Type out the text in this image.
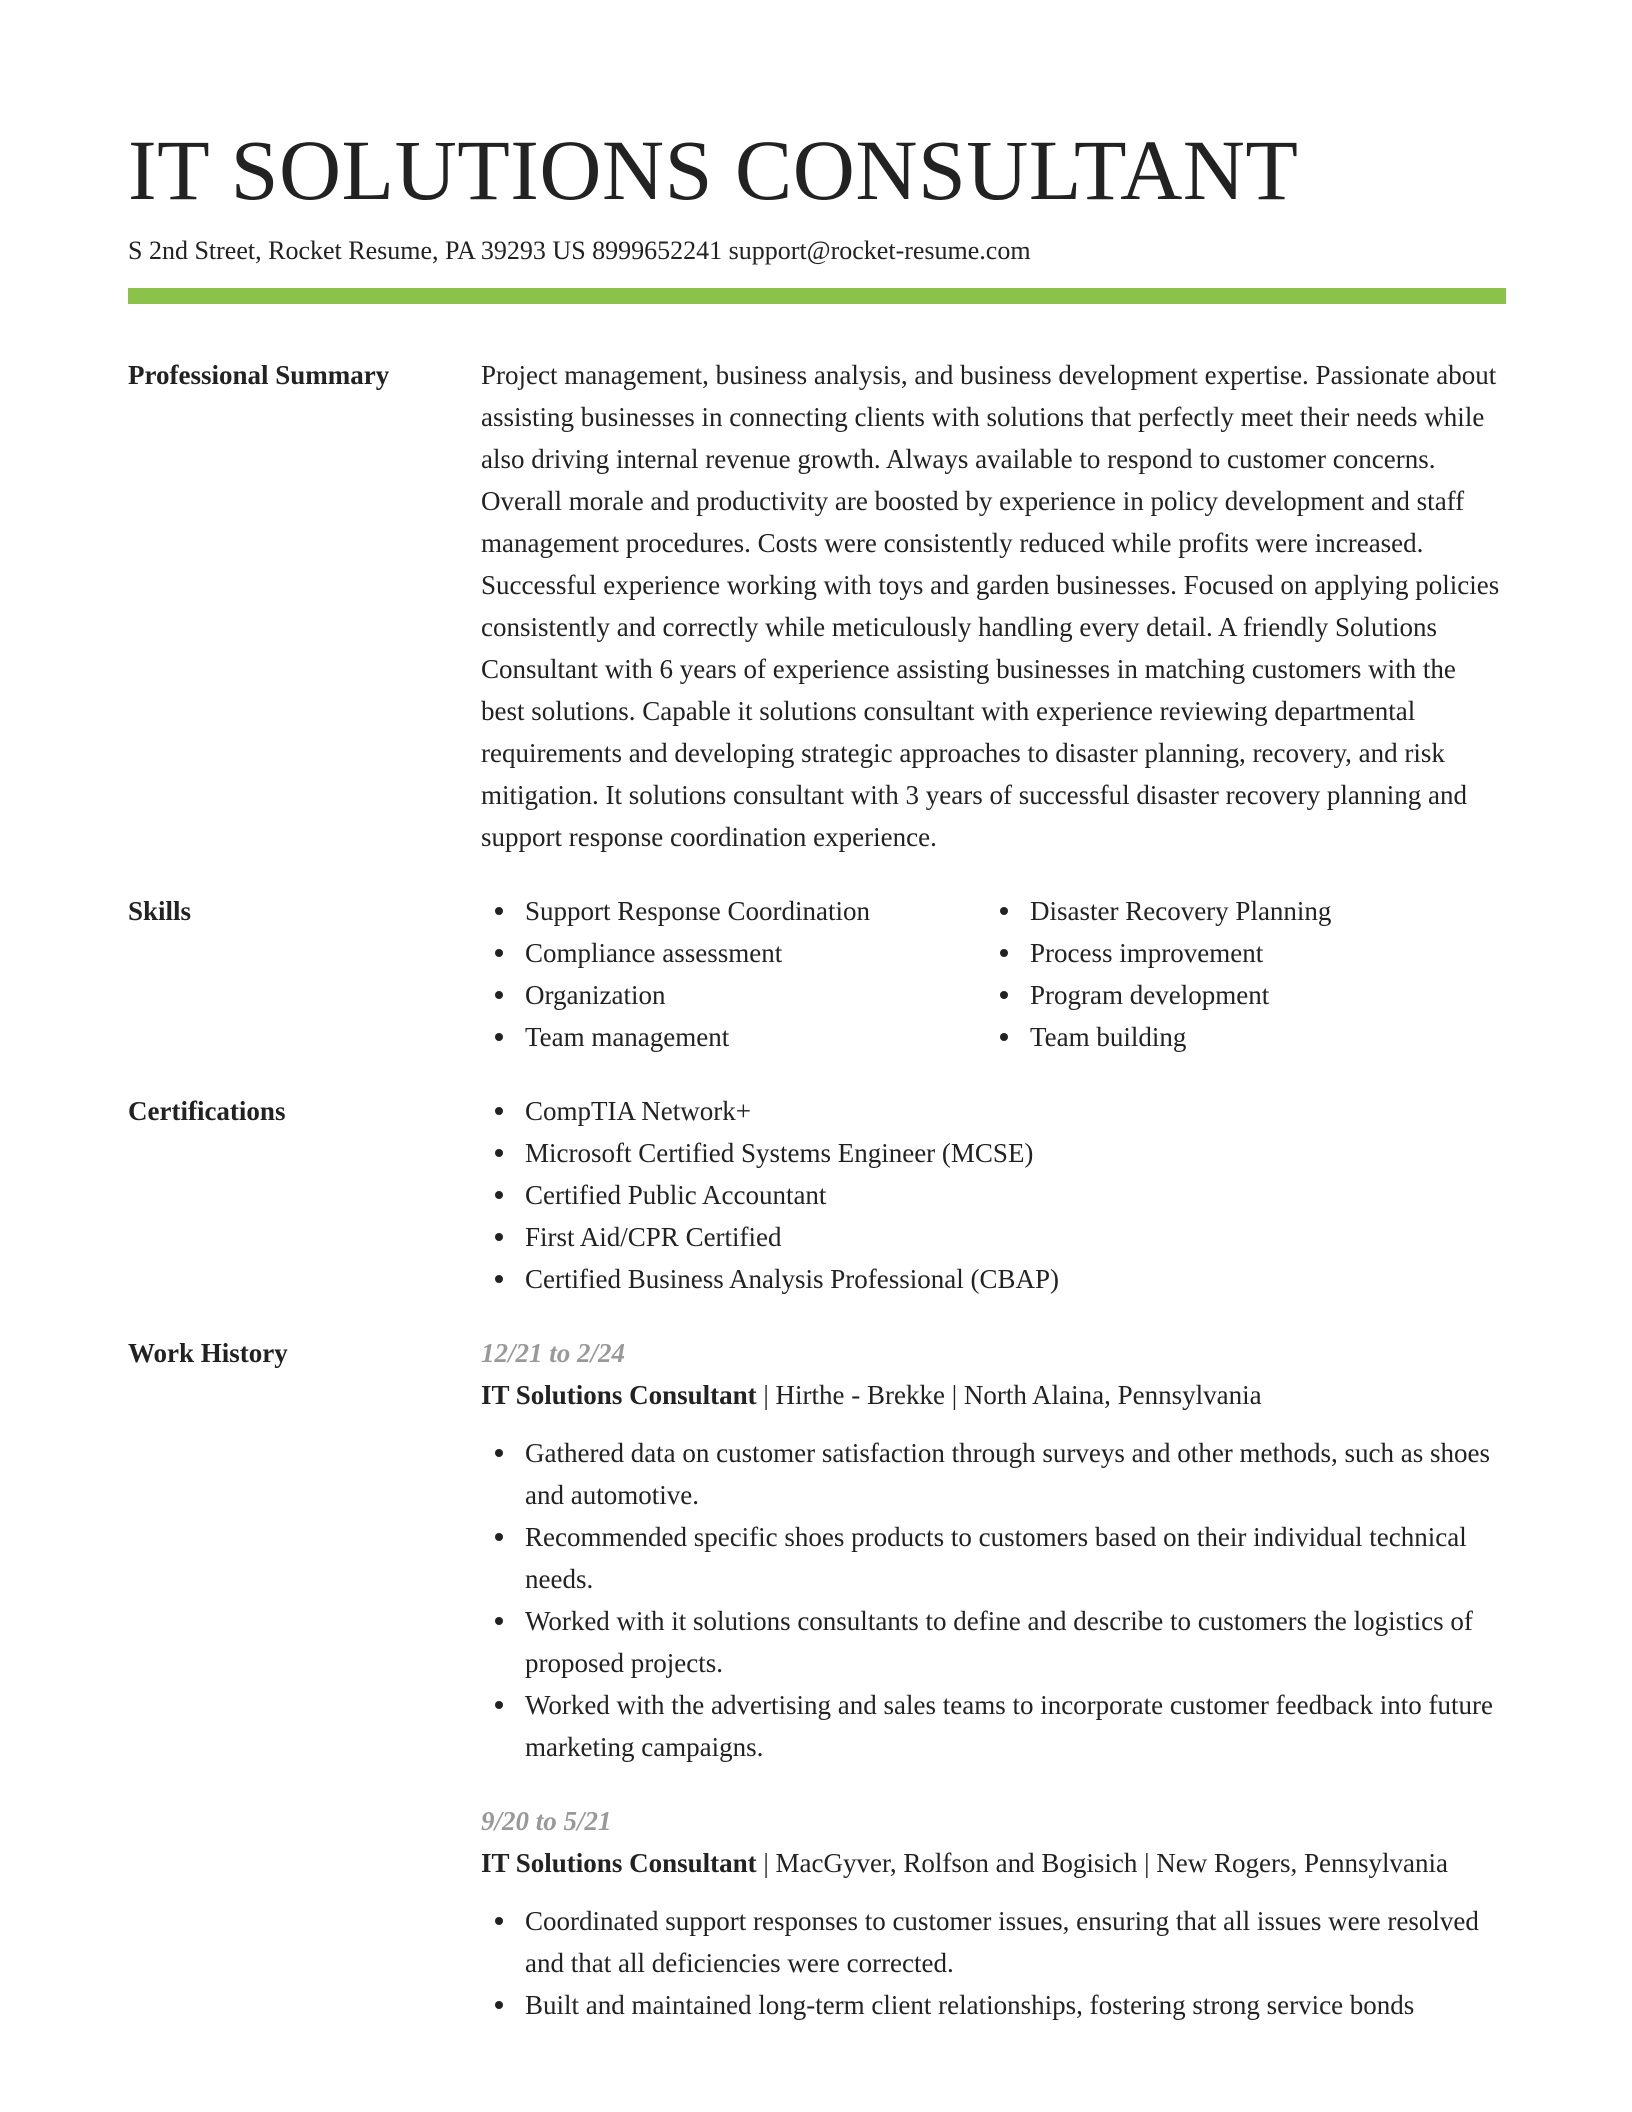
IT SOLUTIONS CONSULTANT
S 2nd Street, Rocket Resume, PA 39293 US 8999652241 support@rocket-resume.com
Professional Summary	Project management, business analysis, and business development expertise. Passionate about assisting businesses in connecting clients with solutions that perfectly meet their needs while also driving internal revenue growth. Always available to respond to customer concerns. Overall morale and productivity are boosted by experience in policy development and staff management procedures. Costs were consistently reduced while profits were increased. Successful experience working with toys and garden businesses. Focused on applying policies consistently and correctly while meticulously handling every detail. A friendly Solutions Consultant with 6 years of experience assisting businesses in matching customers with the best solutions. Capable it solutions consultant with experience reviewing departmental requirements and developing strategic approaches to disaster planning, recovery, and risk mitigation. It solutions consultant with 3 years of successful disaster recovery planning and support response coordination experience.

Skills	Support Response Coordination
Compliance assessment
Organization
Team management
Disaster Recovery Planning
Process improvement
Program development
Team building
Certifications	CompTIA Network+
Microsoft Certified Systems Engineer (MCSE)
Certified Public Accountant
First Aid/CPR Certified
Certified Business Analysis Professional (CBAP)
Work History	12/21 to 2/24
IT Solutions Consultant | Hirthe - Brekke | North Alaina, Pennsylvania
Gathered data on customer satisfaction through surveys and other methods, such as shoes and automotive.
Recommended specific shoes products to customers based on their individual technical needs.
Worked with it solutions consultants to define and describe to customers the logistics of proposed projects.
Worked with the advertising and sales teams to incorporate customer feedback into future marketing campaigns.
9/20 to 5/21
IT Solutions Consultant | MacGyver, Rolfson and Bogisich | New Rogers, Pennsylvania
Coordinated support responses to customer issues, ensuring that all issues were resolved and that all deficiencies were corrected.
Built and maintained long-term client relationships, fostering strong service bonds
